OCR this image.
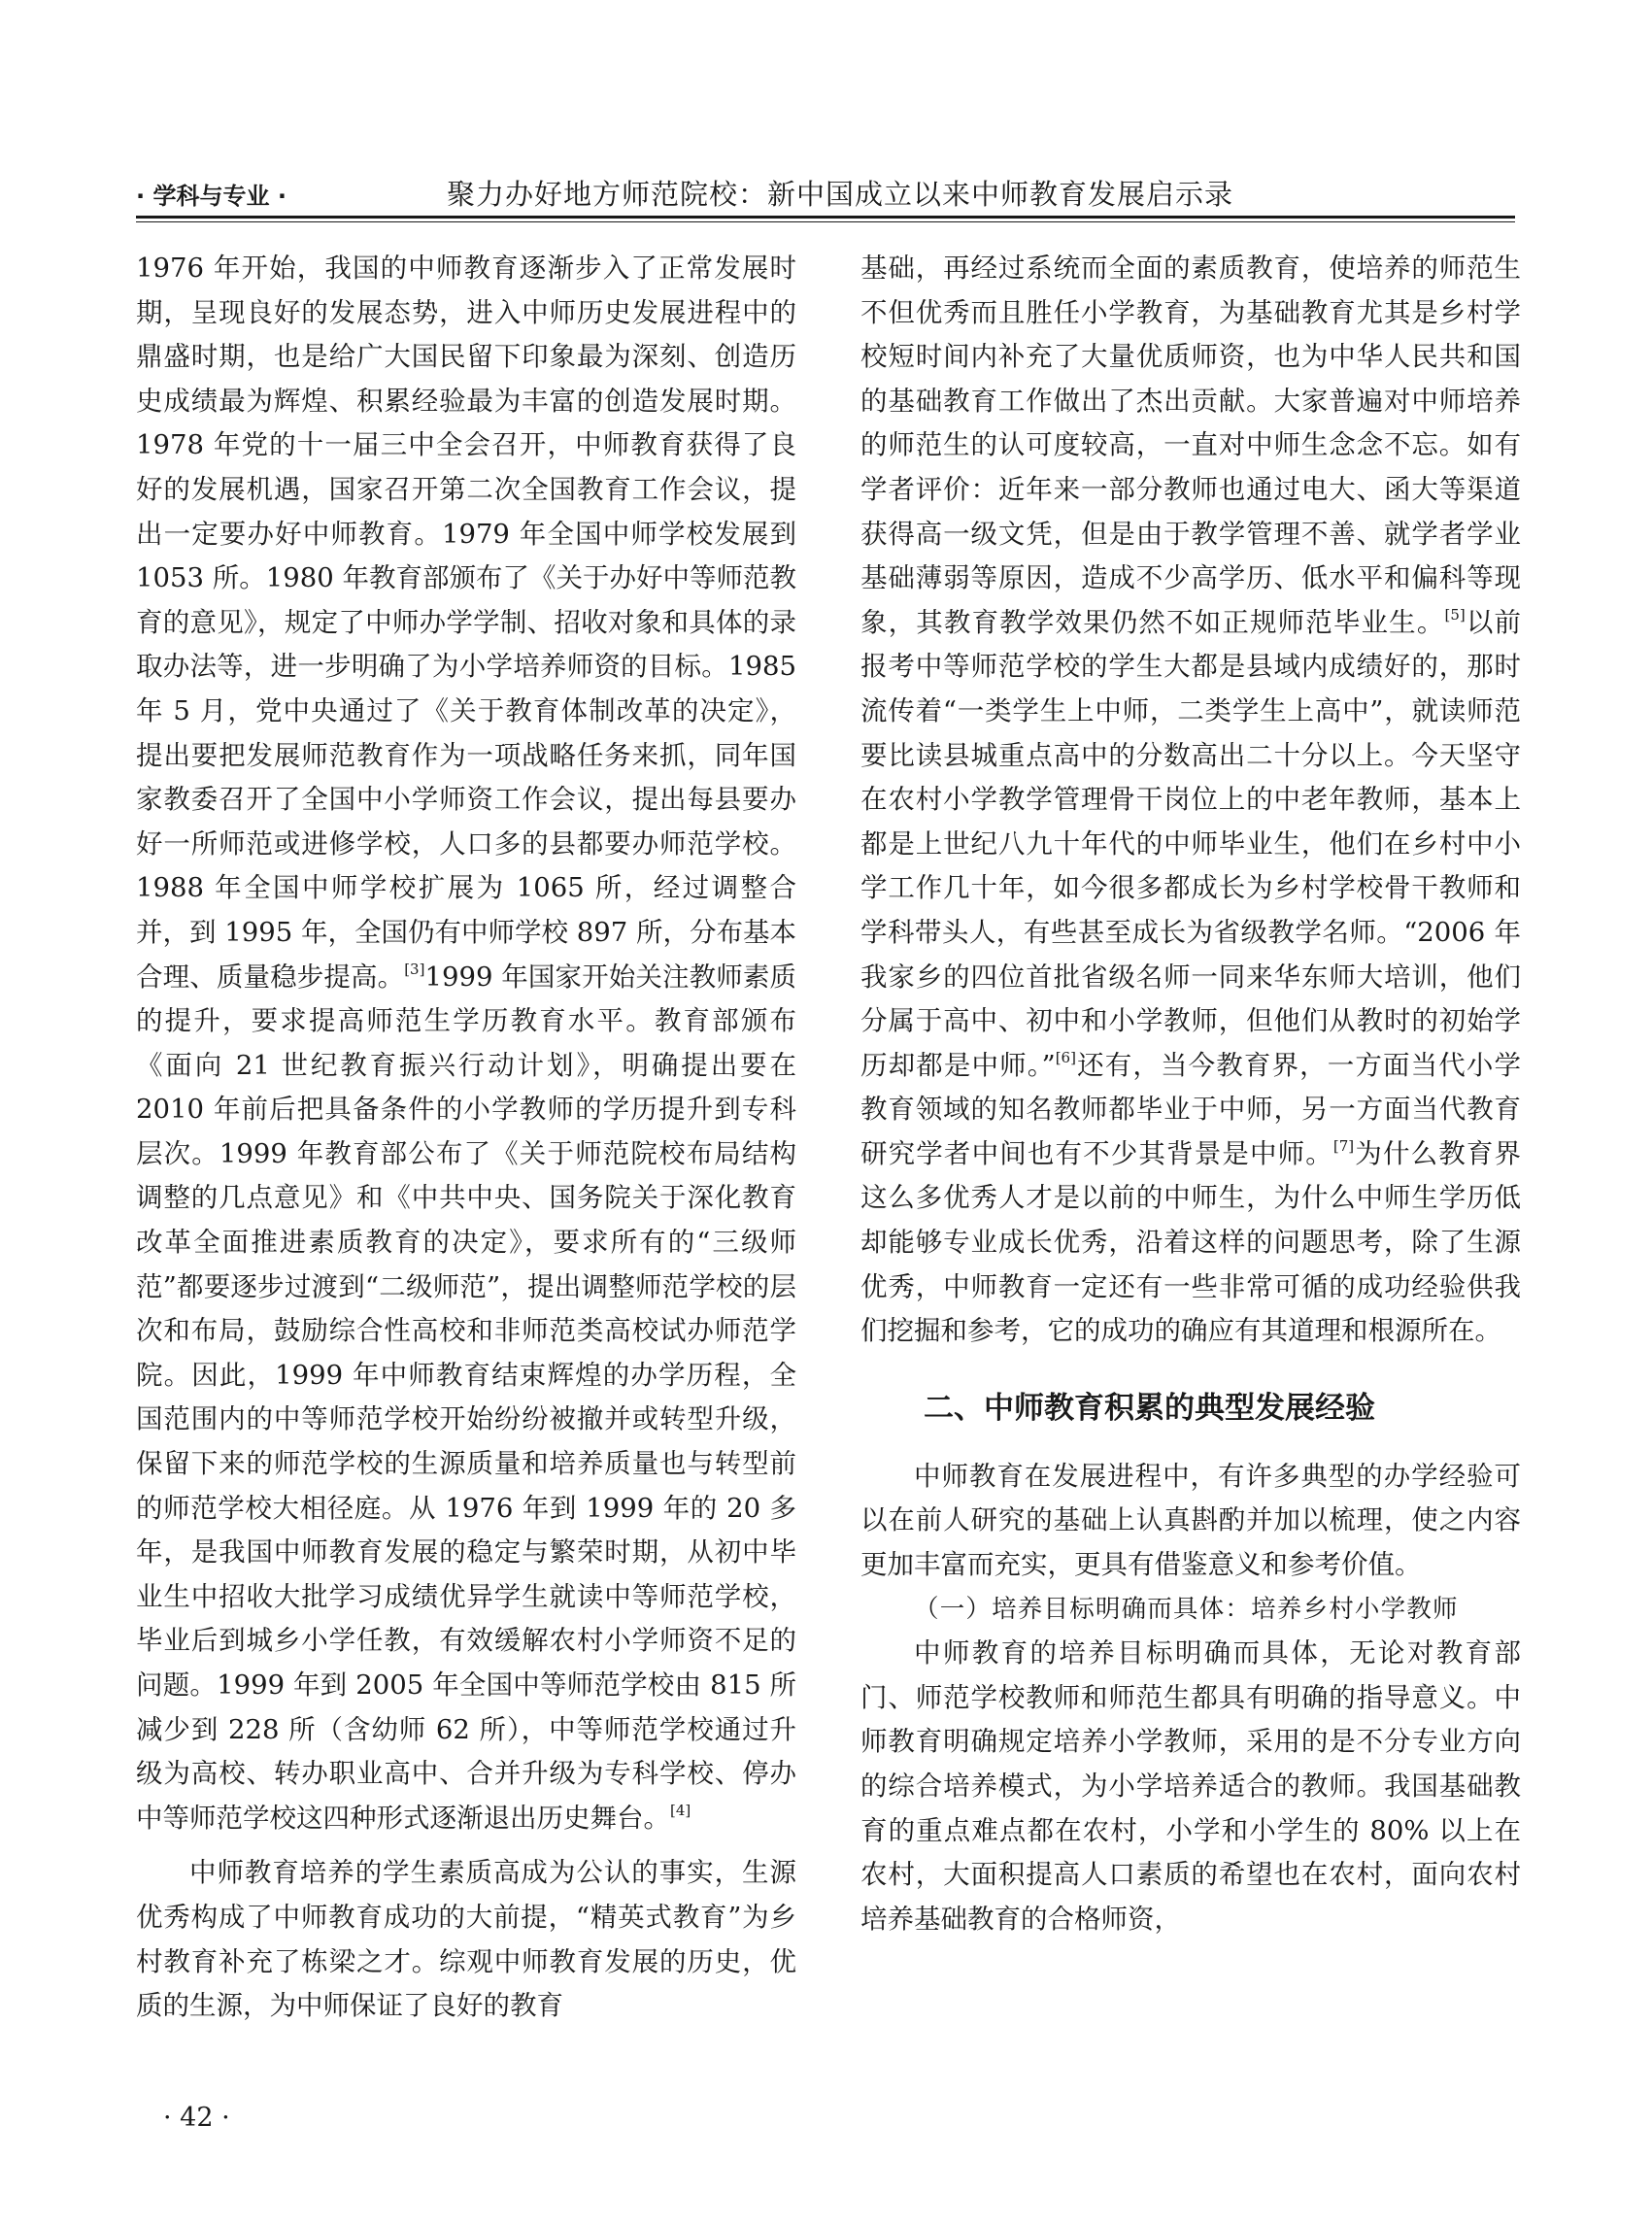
· 学科与专业 ·	聚力办好地方师范院校：新中国成立以来中师教育发展启示录

1976 年开始，我国的中师教育逐渐步入了正常发展时期，呈现良好的发展态势，进入中师历史发展进程中的鼎盛时期，也是给广大国民留下印象最为深刻、创造历史成绩最为辉煌、积累经验最为丰富的创造发展时期。1978 年党的十一届三中全会召开，中师教育获得了良好的发展机遇，国家召开第二次全国教育工作会议，提出一定要办好中师教育。1979 年全国中师学校发展到 1053 所。1980 年教育部颁布了《关于办好中等师范教育的意见》，规定了中师办学学制、招收对象和具体的录取办法等，进一步明确了为小学培养师资的目标。1985 年 5 月，党中央通过了《关于教育体制改革的决定》，提出要把发展师范教育作为一项战略任务来抓，同年国家教委召开了全国中小学师资工作会议，提出每县要办好一所师范或进修学校，人口多的县都要办师范学校。1988 年全国中师学校扩展为 1065 所，经过调整合并，到 1995 年，全国仍有中师学校 897 所，分布基本合理、质量稳步提高。[3]1999 年国家开始关注教师素质的提升，要求提高师范生学历教育水平。教育部颁布《面向 21 世纪教育振兴行动计划》，明确提出要在 2010 年前后把具备条件的小学教师的学历提升到专科层次。1999 年教育部公布了《关于师范院校布局结构调整的几点意见》和《中共中央、国务院关于深化教育改革全面推进素质教育的决定》，要求所有的“三级师范”都要逐步过渡到“二级师范”，提出调整师范学校的层次和布局，鼓励综合性高校和非师范类高校试办师范学院。因此，1999 年中师教育结束辉煌的办学历程，全国范围内的中等师范学校开始纷纷被撤并或转型升级，保留下来的师范学校的生源质量和培养质量也与转型前的师范学校大相径庭。从 1976 年到 1999 年的 20 多年，是我国中师教育发展的稳定与繁荣时期，从初中毕业生中招收大批学习成绩优异学生就读中等师范学校，毕业后到城乡小学任教，有效缓解农村小学师资不足的问题。1999 年到 2005 年全国中等师范学校由 815 所减少到 228 所（含幼师 62 所），中等师范学校通过升级为高校、转办职业高中、合并升级为专科学校、停办中等师范学校这四种形式逐渐退出历史舞台。[4]

中师教育培养的学生素质高成为公认的事实，生源优秀构成了中师教育成功的大前提，“精英式教育”为乡村教育补充了栋梁之才。综观中师教育发展的历史，优质的生源，为中师保证了良好的教育

基础，再经过系统而全面的素质教育，使培养的师范生不但优秀而且胜任小学教育，为基础教育尤其是乡村学校短时间内补充了大量优质师资，也为中华人民共和国的基础教育工作做出了杰出贡献。大家普遍对中师培养的师范生的认可度较高，一直对中师生念念不忘。如有学者评价：近年来一部分教师也通过电大、函大等渠道获得高一级文凭，但是由于教学管理不善、就学者学业基础薄弱等原因，造成不少高学历、低水平和偏科等现象，其教育教学效果仍然不如正规师范毕业生。[5]以前报考中等师范学校的学生大都是县域内成绩好的，那时流传着“一类学生上中师，二类学生上高中”，就读师范要比读县城重点高中的分数高出二十分以上。今天坚守在农村小学教学管理骨干岗位上的中老年教师，基本上都是上世纪八九十年代的中师毕业生，他们在乡村中小学工作几十年，如今很多都成长为乡村学校骨干教师和学科带头人，有些甚至成长为省级教学名师。“2006 年我家乡的四位首批省级名师一同来华东师大培训，他们分属于高中、初中和小学教师，但他们从教时的初始学历却都是中师。”[6]还有，当今教育界，一方面当代小学教育领域的知名教师都毕业于中师，另一方面当代教育研究学者中间也有不少其背景是中师。[7]为什么教育界这么多优秀人才是以前的中师生，为什么中师生学历低却能够专业成长优秀，沿着这样的问题思考，除了生源优秀，中师教育一定还有一些非常可循的成功经验供我们挖掘和参考，它的成功的确应有其道理和根源所在。

二、中师教育积累的典型发展经验

中师教育在发展进程中，有许多典型的办学经验可以在前人研究的基础上认真斟酌并加以梳理，使之内容更加丰富而充实，更具有借鉴意义和参考价值。

（一）培养目标明确而具体：培养乡村小学教师

中师教育的培养目标明确而具体，无论对教育部门、师范学校教师和师范生都具有明确的指导意义。中师教育明确规定培养小学教师，采用的是不分专业方向的综合培养模式，为小学培养适合的教师。我国基础教育的重点难点都在农村，小学和小学生的 80% 以上在农村，大面积提高人口素质的希望也在农村，面向农村培养基础教育的合格师资，

· 42 ·
